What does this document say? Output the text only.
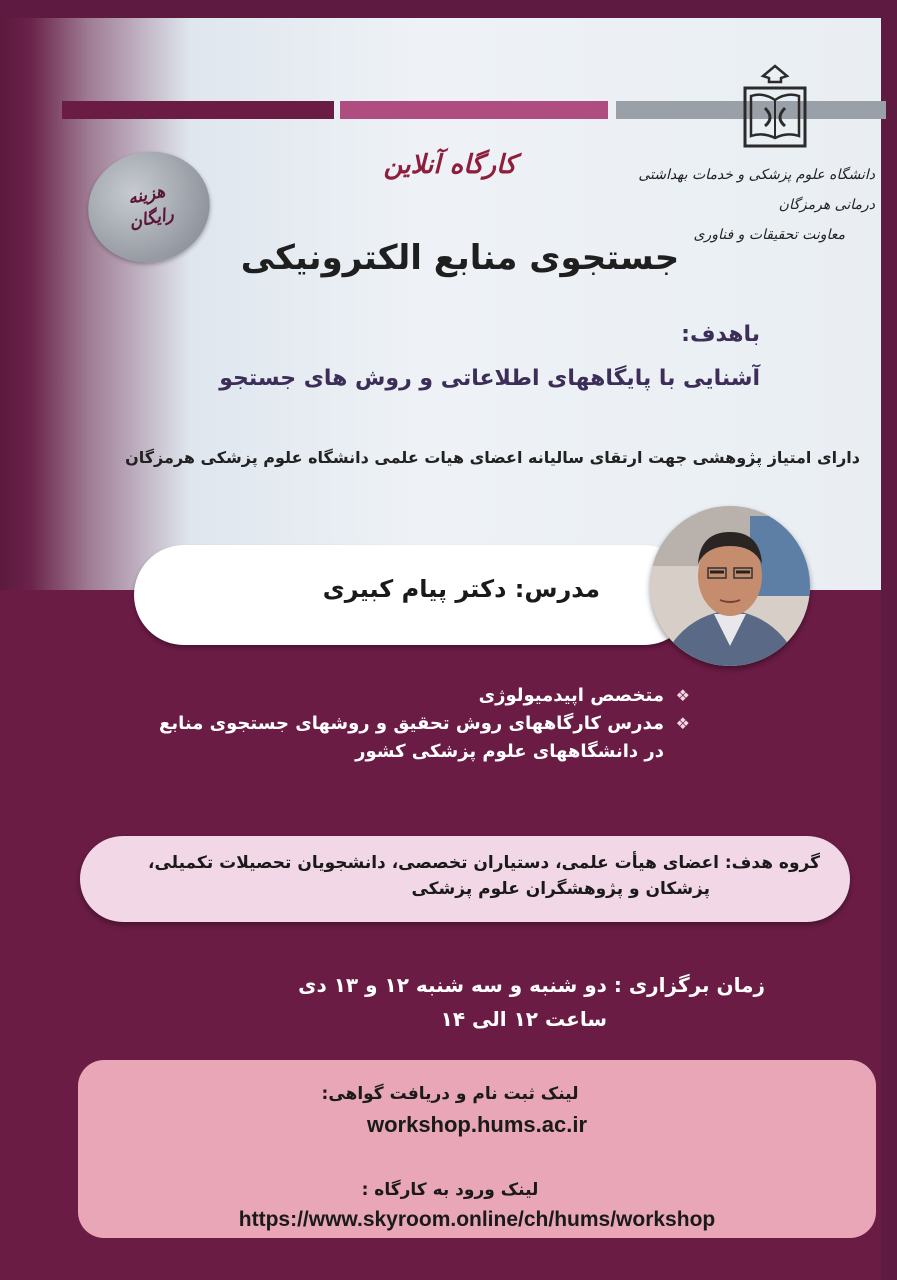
دانشگاه علوم پزشکی و خدمات بهداشتی درمانی هرمزگان
معاونت تحقیقات و فناوری
هزینه
رایگان
کارگاه آنلاین
جستجوی منابع الکترونیکی
باهدف:
آشنایی با پایگاههای اطلاعاتی و روش های جستجو
دارای امتیاز پژوهشی جهت ارتقای سالیانه اعضای هیات علمی دانشگاه علوم پزشکی هرمزگان
مدرس: دکتر پیام کبیری
❖
متخصص اپیدمیولوژی
❖
مدرس کارگاههای روش تحقیق و روشهای جستجوی منابع
در دانشگاههای علوم پزشکی کشور
گروه هدف: اعضای هیأت علمی، دستیاران تخصصی، دانشجویان تحصیلات تکمیلی،
پزشکان و پژوهشگران علوم پزشکی
زمان برگزاری : دو شنبه و سه شنبه ۱۲ و ۱۳ دی
ساعت ۱۲ الی ۱۴
لینک ثبت نام و دریافت گواهی:
workshop.hums.ac.ir
لینک ورود به کارگاه :
https://www.skyroom.online/ch/hums/workshop
